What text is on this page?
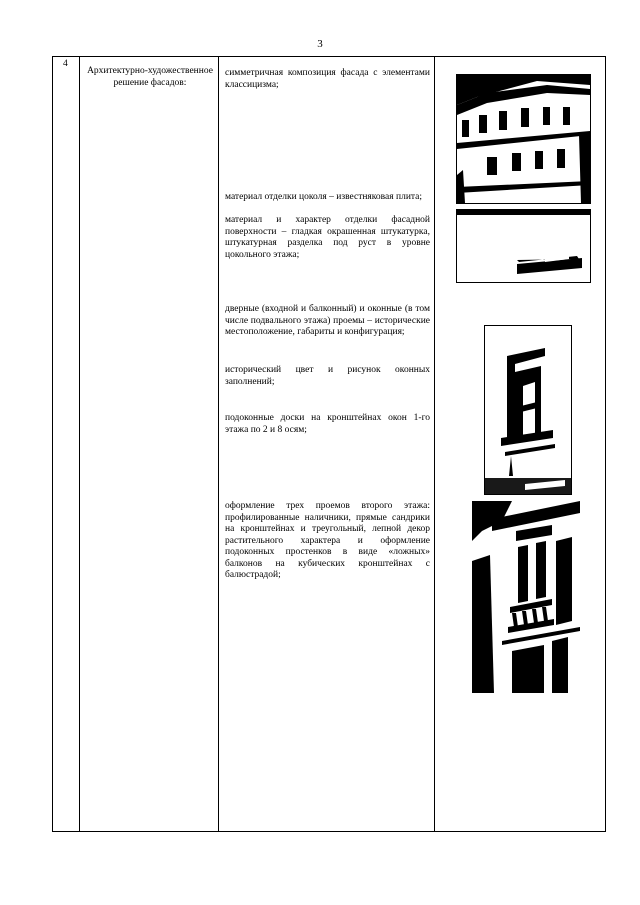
3
4
Архитектурно-художественное решение фасадов:
симметричная композиция фасада с элементами классицизма;
материал отделки цоколя – известняковая плита;
материал и характер отделки фасадной поверхности – гладкая окрашенная штукатурка, штукатурная разделка под руст в уровне цокольного этажа;
дверные (входной и балконный) и оконные (в том числе подвального этажа) проемы – исторические местоположение, габариты и конфигурация;
исторический цвет и рисунок оконных заполнений;
подоконные доски на кронштейнах окон 1-го этажа по 2 и 8 осям;
оформление трех проемов второго этажа: профилированные наличники, прямые сандрики на кронштейнах и треугольный, лепной декор растительного характера и оформление подоконных простенков в виде «ложных» балконов на кубических кронштейнах с балюстрадой;
